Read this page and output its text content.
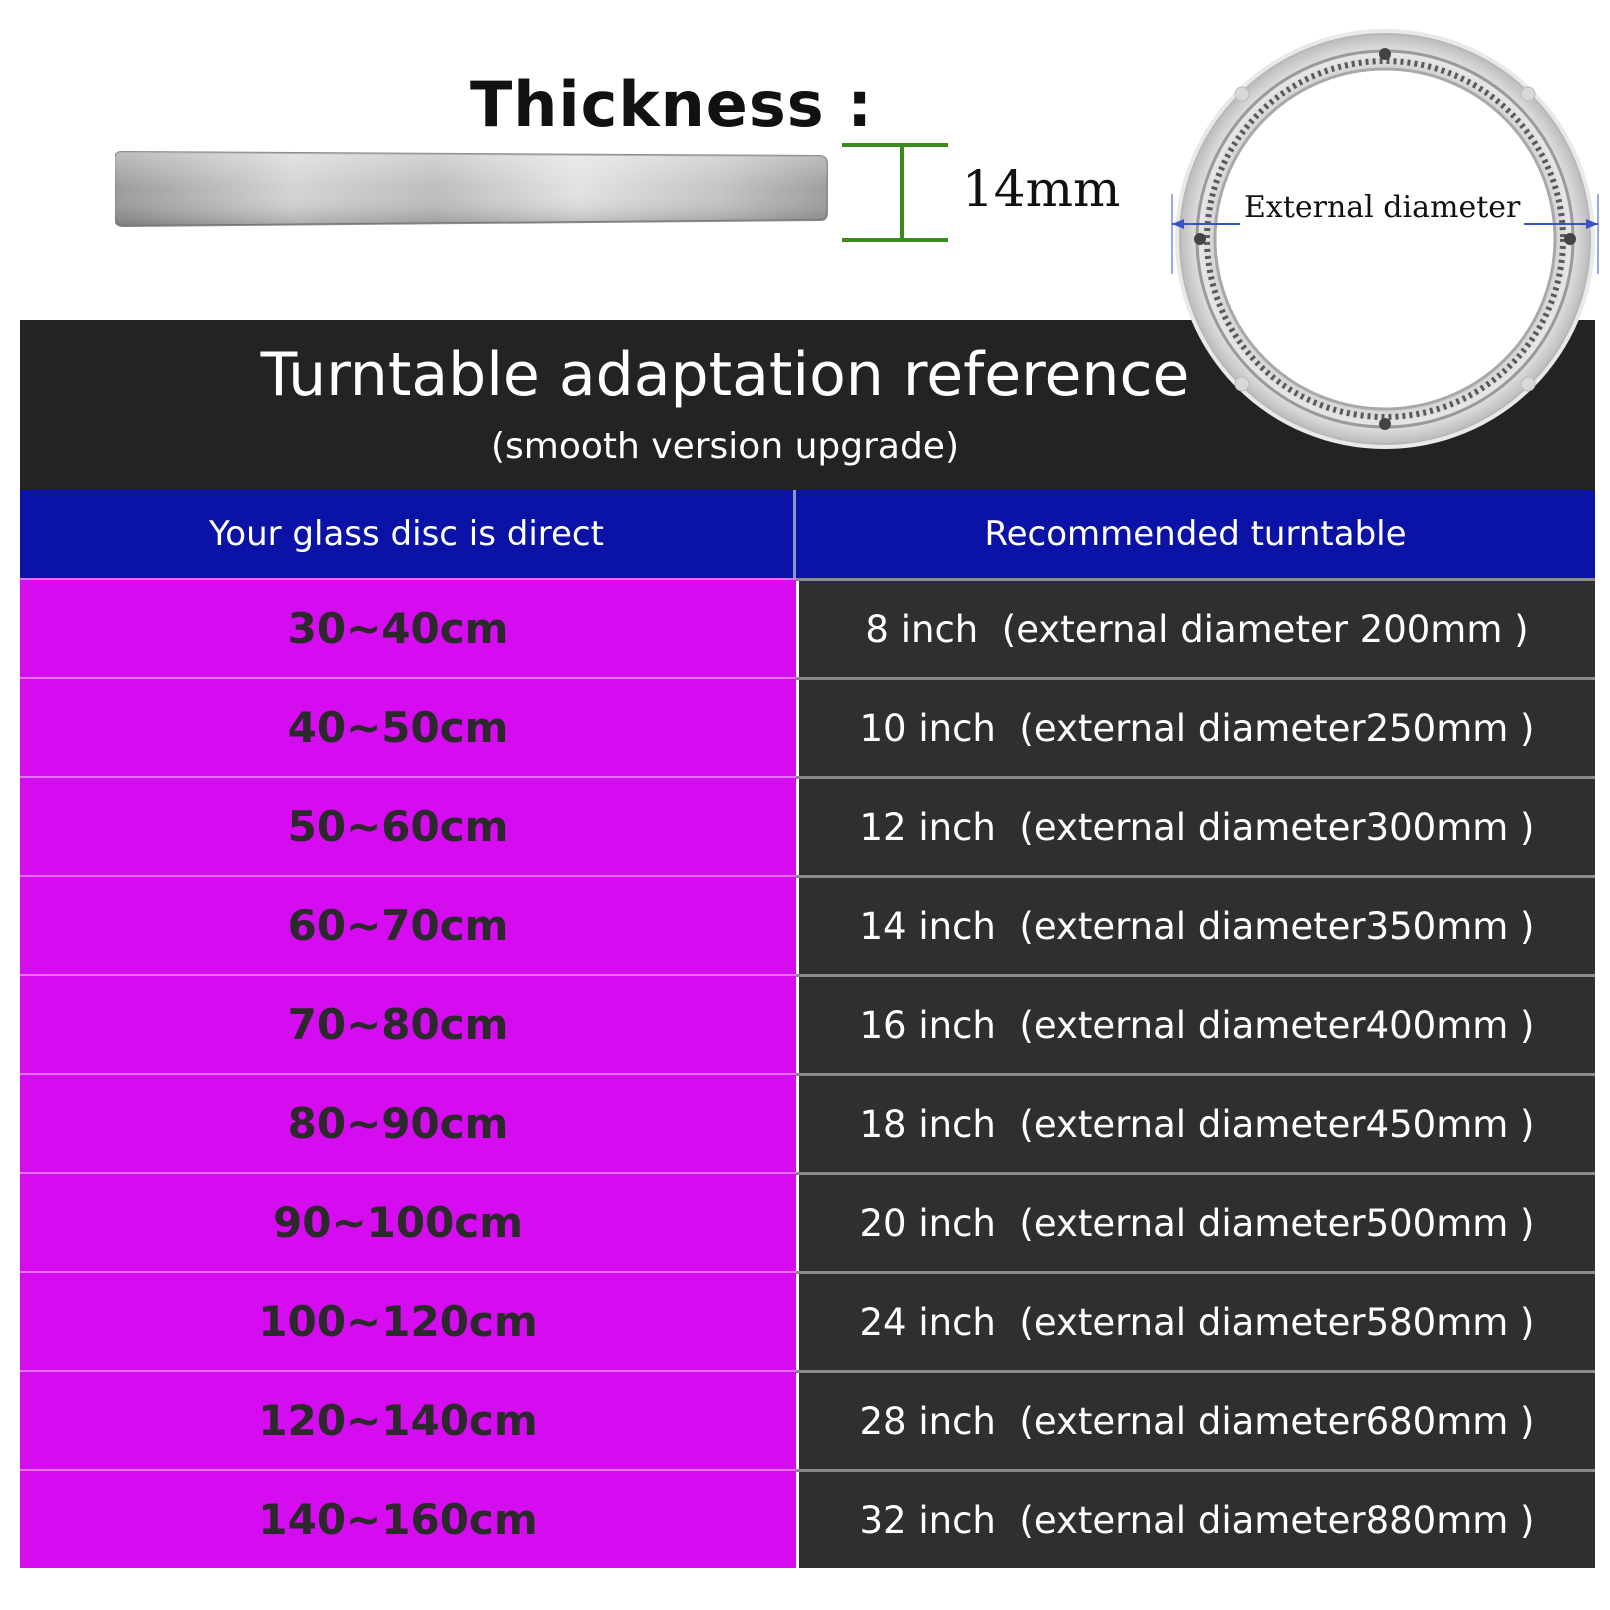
Thickness :
14mm
Turntable adaptation reference
(smooth version upgrade)
External diameter
Your glass disc is direct	Recommended turntable
30~40cm	8 inch  (external diameter 200mm )
40~50cm	10 inch  (external diameter250mm )
50~60cm	12 inch  (external diameter300mm )
60~70cm	14 inch  (external diameter350mm )
70~80cm	16 inch  (external diameter400mm )
80~90cm	18 inch  (external diameter450mm )
90~100cm	20 inch  (external diameter500mm )
100~120cm	24 inch  (external diameter580mm )
120~140cm	28 inch  (external diameter680mm )
140~160cm	32 inch  (external diameter880mm )
